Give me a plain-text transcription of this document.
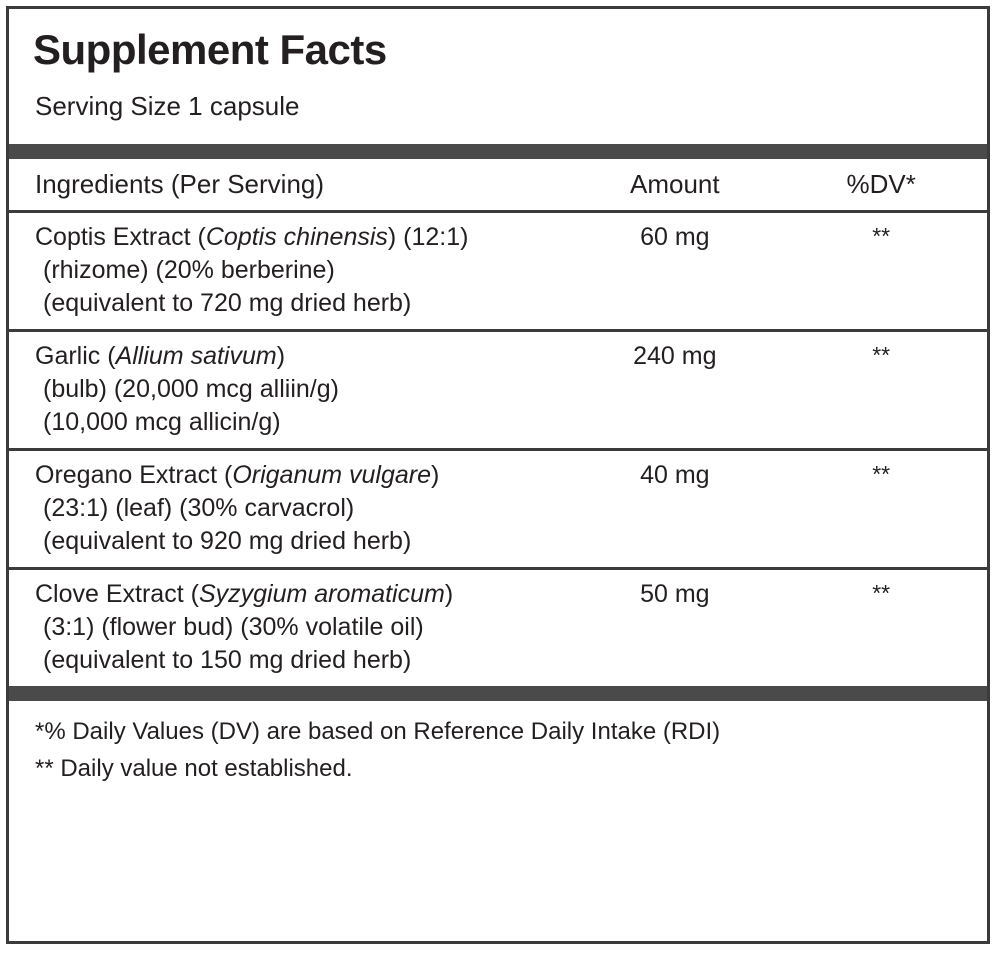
Supplement Facts
Serving Size 1 capsule
Ingredients (Per Serving)	Amount	%DV*

Coptis Extract (Coptis chinensis) (12:1)
(rhizome) (20% berberine)
(equivalent to 720 mg dried herb)	60 mg	**

Garlic (Allium sativum)
(bulb) (20,000 mcg alliin/g)
(10,000 mcg allicin/g)	240 mg	**

Oregano Extract (Origanum vulgare)
(23:1) (leaf) (30% carvacrol)
(equivalent to 920 mg dried herb)	40 mg	**

Clove Extract (Syzygium aromaticum)
(3:1) (flower bud) (30% volatile oil)
(equivalent to 150 mg dried herb)	50 mg	**
*% Daily Values (DV) are based on Reference Daily Intake (RDI)
** Daily value not established.
